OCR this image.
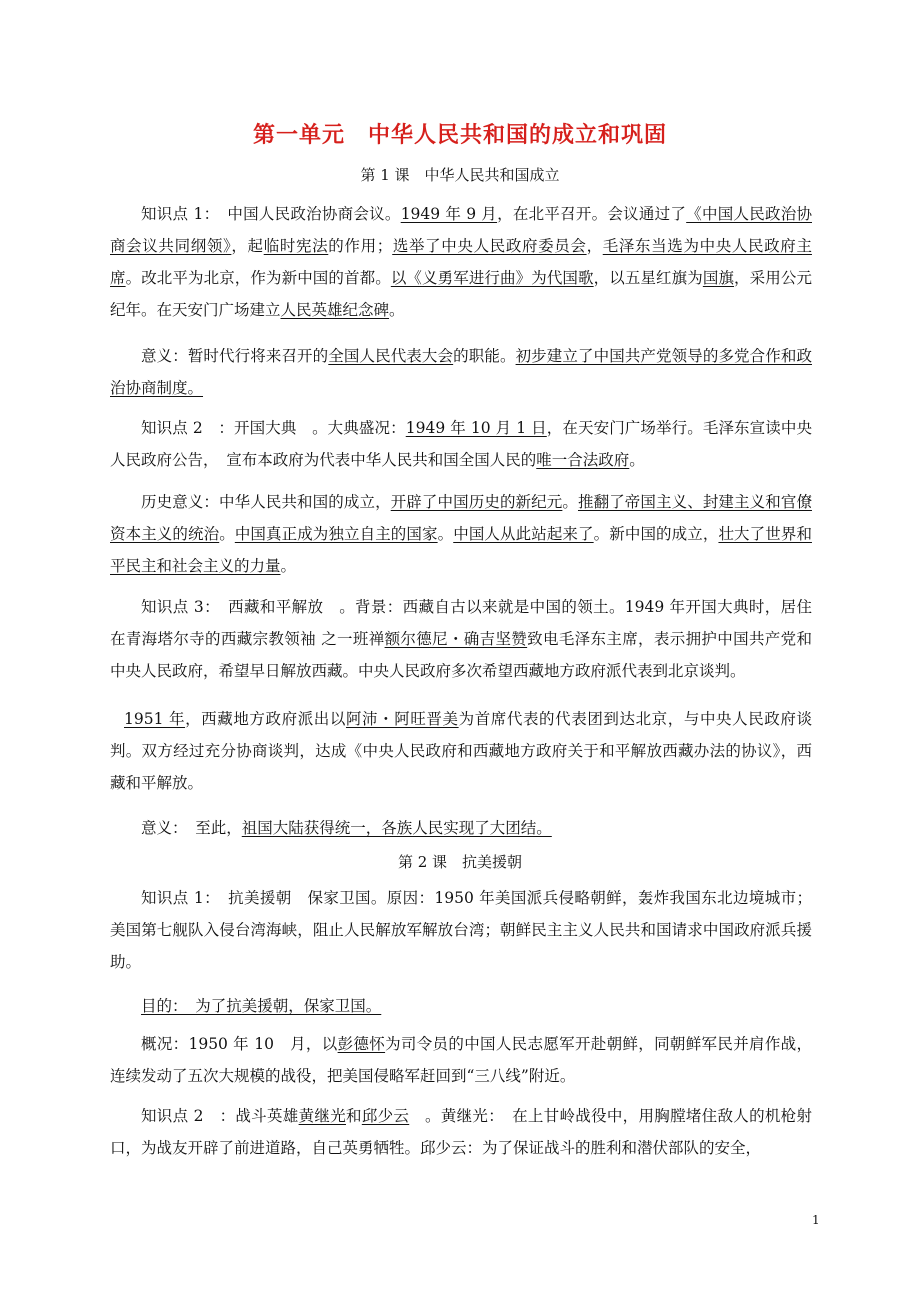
第一单元　中华人民共和国的成立和巩固
第 1 课　中华人民共和国成立

知识点 1：　中国人民政治协商会议。1949 年 9 月，在北平召开。会议通过了《中国人民政治协商会议共同纲领》，起临时宪法的作用；选举了中央人民政府委员会，毛泽东当选为中央人民政府主席。改北平为北京，作为新中国的首都。以《义勇军进行曲》为代国歌，以五星红旗为国旗，采用公元纪年。在天安门广场建立人民英雄纪念碑。

意义：暂时代行将来召开的全国人民代表大会的职能。初步建立了中国共产党领导的多党合作和政治协商制度。

知识点 2　：开国大典　。大典盛况：1949 年 10 月 1 日，在天安门广场举行。毛泽东宣读中央人民政府公告，　宣布本政府为代表中华人民共和国全国人民的唯一合法政府。

历史意义：中华人民共和国的成立，开辟了中国历史的新纪元。推翻了帝国主义、封建主义和官僚资本主义的统治。中国真正成为独立自主的国家。中国人从此站起来了。新中国的成立，壮大了世界和平民主和社会主义的力量。

知识点 3：　西藏和平解放　。背景：西藏自古以来就是中国的领土。1949 年开国大典时，居住在青海塔尔寺的西藏宗教领袖 之一班禅额尔德尼・确吉坚赞致电毛泽东主席，表示拥护中国共产党和中央人民政府，希望早日解放西藏。中央人民政府多次希望西藏地方政府派代表到北京谈判。

1951 年，西藏地方政府派出以阿沛・阿旺晋美为首席代表的代表团到达北京，与中央人民政府谈判。双方经过充分协商谈判，达成《中央人民政府和西藏地方政府关于和平解放西藏办法的协议》，西藏和平解放。

意义：　至此，祖国大陆获得统一，各族人民实现了大团结。

第 2 课　抗美援朝

知识点 1：　抗美援朝　保家卫国。原因：1950 年美国派兵侵略朝鲜，轰炸我国东北边境城市；美国第七舰队入侵台湾海峡，阻止人民解放军解放台湾；朝鲜民主主义人民共和国请求中国政府派兵援助。

目的：　为了抗美援朝，保家卫国。

概况：1950 年 10　月，以彭德怀为司令员的中国人民志愿军开赴朝鲜，同朝鲜军民并肩作战，连续发动了五次大规模的战役，把美国侵略军赶回到“三八线”附近。

知识点 2　：战斗英雄黄继光和邱少云　。黄继光：　在上甘岭战役中，用胸膛堵住敌人的机枪射口，为战友开辟了前进道路，自己英勇牺牲。邱少云：为了保证战斗的胜利和潜伏部队的安全，

1
